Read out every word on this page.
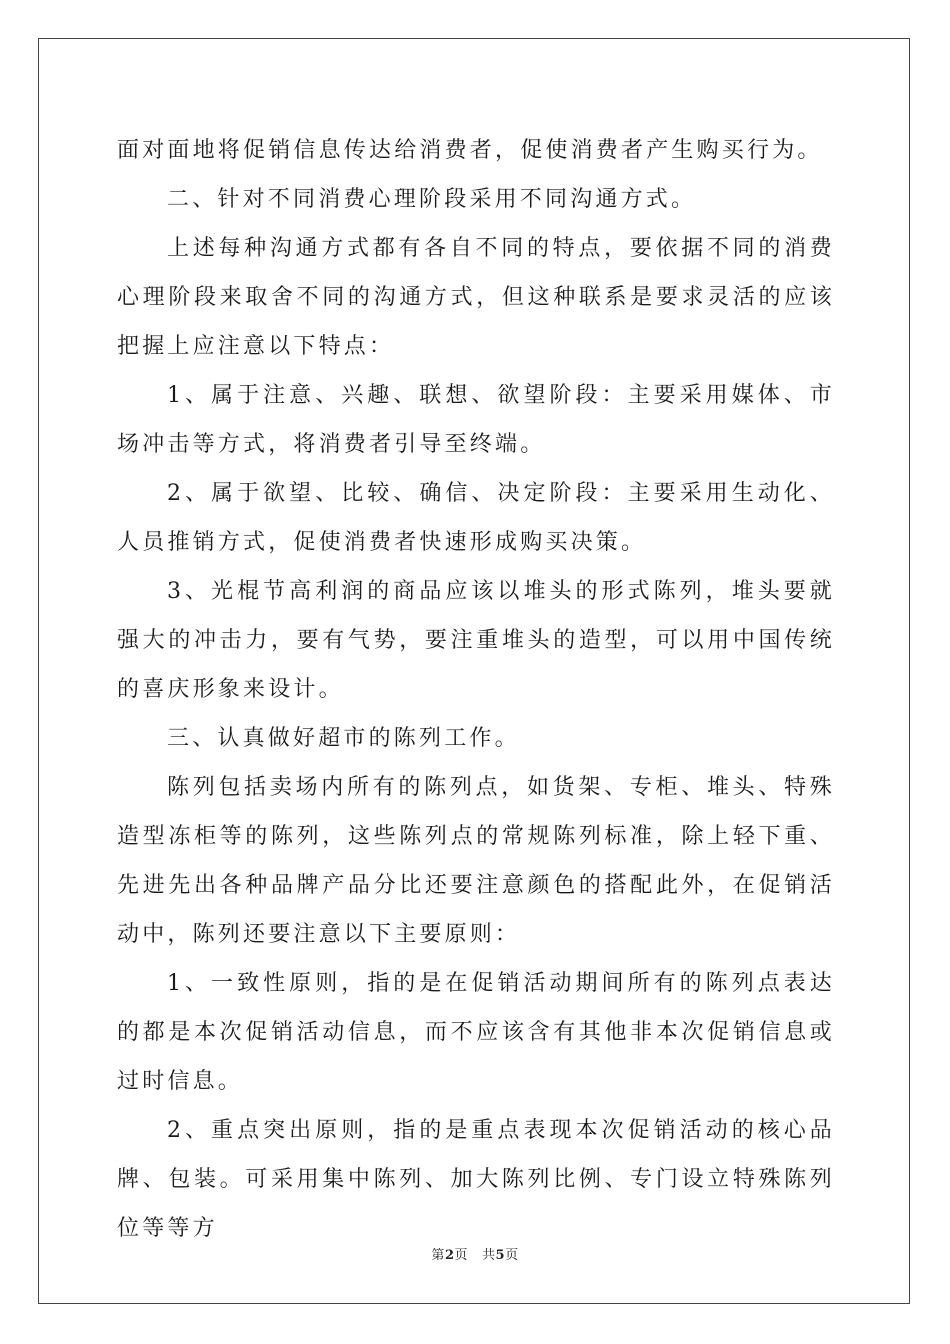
面对面地将促销信息传达给消费者，促使消费者产生购买行为。

二、针对不同消费心理阶段采用不同沟通方式。

上述每种沟通方式都有各自不同的特点，要依据不同的消费心理阶段来取舍不同的沟通方式，但这种联系是要求灵活的应该把握上应注意以下特点：

1、属于注意、兴趣、联想、欲望阶段：主要采用媒体、市场冲击等方式，将消费者引导至终端。

2、属于欲望、比较、确信、决定阶段：主要采用生动化、人员推销方式，促使消费者快速形成购买决策。

3、光棍节高利润的商品应该以堆头的形式陈列，堆头要就强大的冲击力，要有气势，要注重堆头的造型，可以用中国传统的喜庆形象来设计。

三、认真做好超市的陈列工作。

陈列包括卖场内所有的陈列点，如货架、专柜、堆头、特殊造型冻柜等的陈列，这些陈列点的常规陈列标准，除上轻下重、先进先出各种品牌产品分比还要注意颜色的搭配此外，在促销活动中，陈列还要注意以下主要原则：

1、一致性原则，指的是在促销活动期间所有的陈列点表达的都是本次促销活动信息，而不应该含有其他非本次促销信息或过时信息。

2、重点突出原则，指的是重点表现本次促销活动的核心品牌、包装。可采用集中陈列、加大陈列比例、专门设立特殊陈列位等等方

第2页 共5页
